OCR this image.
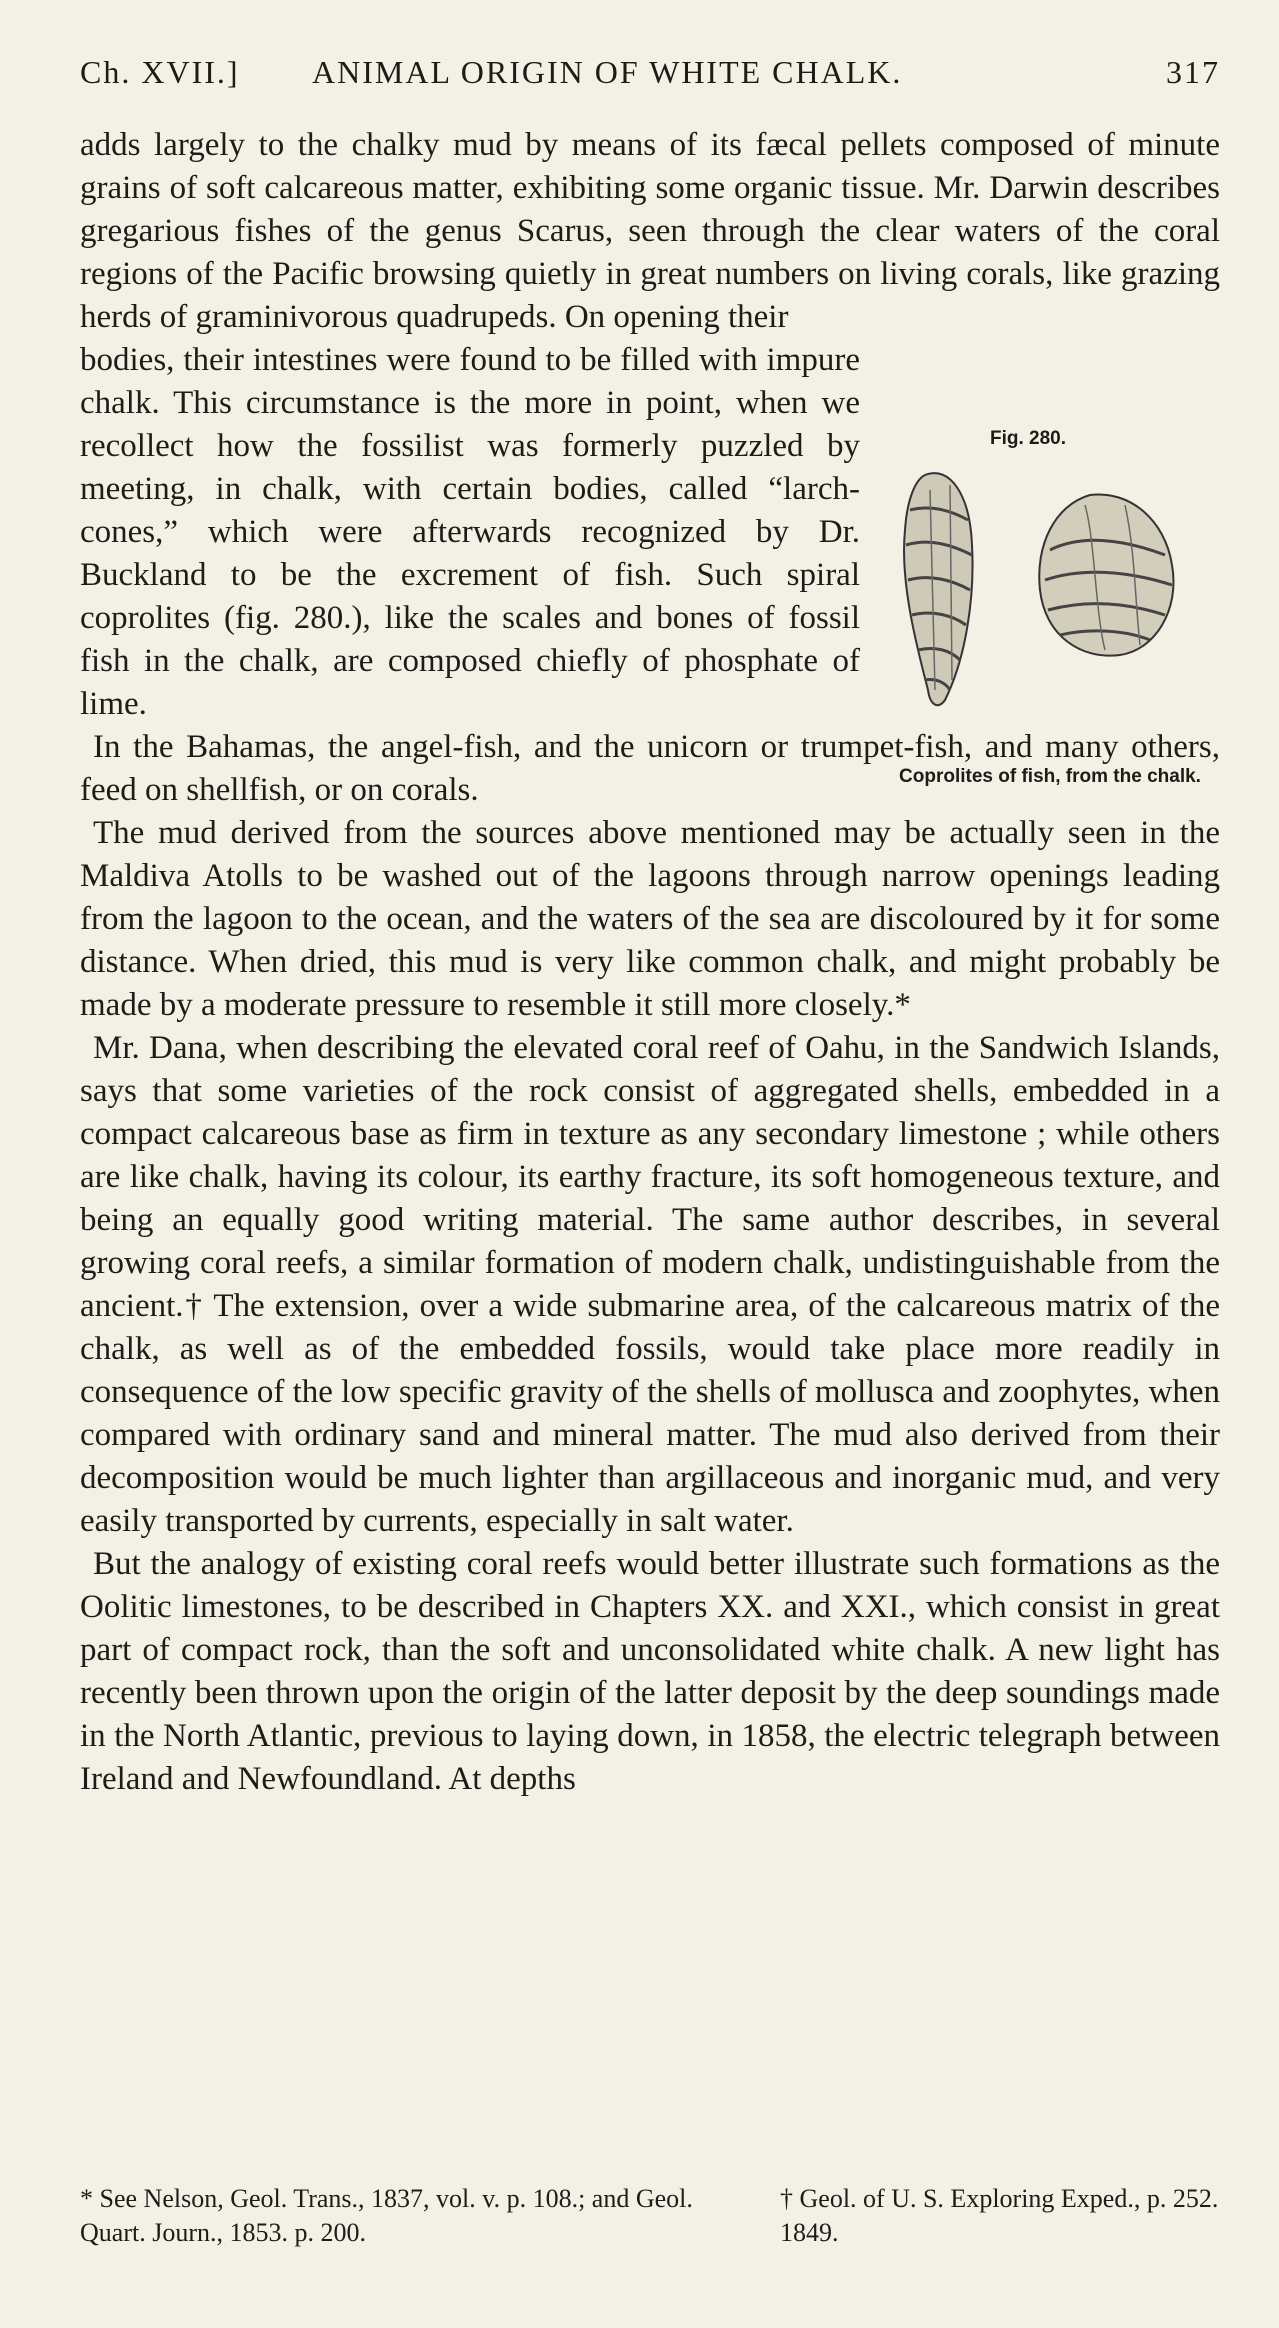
Ch. XVII.] ANIMAL ORIGIN OF WHITE CHALK.	317

adds largely to the chalky mud by means of its fæcal pellets composed of minute grains of soft calcareous matter, exhibiting some organic tissue. Mr. Darwin describes gregarious fishes of the genus Scarus, seen through the clear waters of the coral regions of the Pacific browsing quietly in great numbers on living corals, like grazing herds of graminivorous quadrupeds. On opening their

bodies, their intestines were found to be filled with impure chalk. This circumstance is the more in point, when we recollect how the fossilist was formerly puzzled by meeting, in chalk, with certain bodies, called “larch-cones,” which were afterwards recognized by Dr. Buckland to be the excrement of fish. Such spiral coprolites (fig. 280.), like the scales and bones of fossil fish in the chalk, are composed chiefly of phosphate of lime.

In the Bahamas, the angel-fish, and the unicorn or trumpet-fish, and many others, feed on shellfish, or on corals.

The mud derived from the sources above mentioned may be actually seen in the Maldiva Atolls to be washed out of the lagoons through narrow openings leading from the lagoon to the ocean, and the waters of the sea are discoloured by it for some distance. When dried, this mud is very like common chalk, and might probably be made by a moderate pressure to resemble it still more closely.*

Mr. Dana, when describing the elevated coral reef of Oahu, in the Sandwich Islands, says that some varieties of the rock consist of aggregated shells, embedded in a compact calcareous base as firm in texture as any secondary limestone ; while others are like chalk, having its colour, its earthy fracture, its soft homogeneous texture, and being an equally good writing material. The same author describes, in several growing coral reefs, a similar formation of modern chalk, undistinguishable from the ancient.† The extension, over a wide submarine area, of the calcareous matrix of the chalk, as well as of the embedded fossils, would take place more readily in consequence of the low specific gravity of the shells of mollusca and zoophytes, when compared with ordinary sand and mineral matter. The mud also derived from their decomposition would be much lighter than argillaceous and inorganic mud, and very easily transported by currents, especially in salt water.

But the analogy of existing coral reefs would better illustrate such formations as the Oolitic limestones, to be described in Chapters XX. and XXI., which consist in great part of compact rock, than the soft and unconsolidated white chalk. A new light has recently been thrown upon the origin of the latter deposit by the deep soundings made in the North Atlantic, previous to laying down, in 1858, the electric telegraph between Ireland and Newfoundland. At depths

Fig. 280.
Coprolites of fish, from the chalk.
* See Nelson, Geol. Trans., 1837, vol. v. p. 108.; and Geol. Quart. Journ., 1853. p. 200.
† Geol. of U. S. Exploring Exped., p. 252. 1849.
